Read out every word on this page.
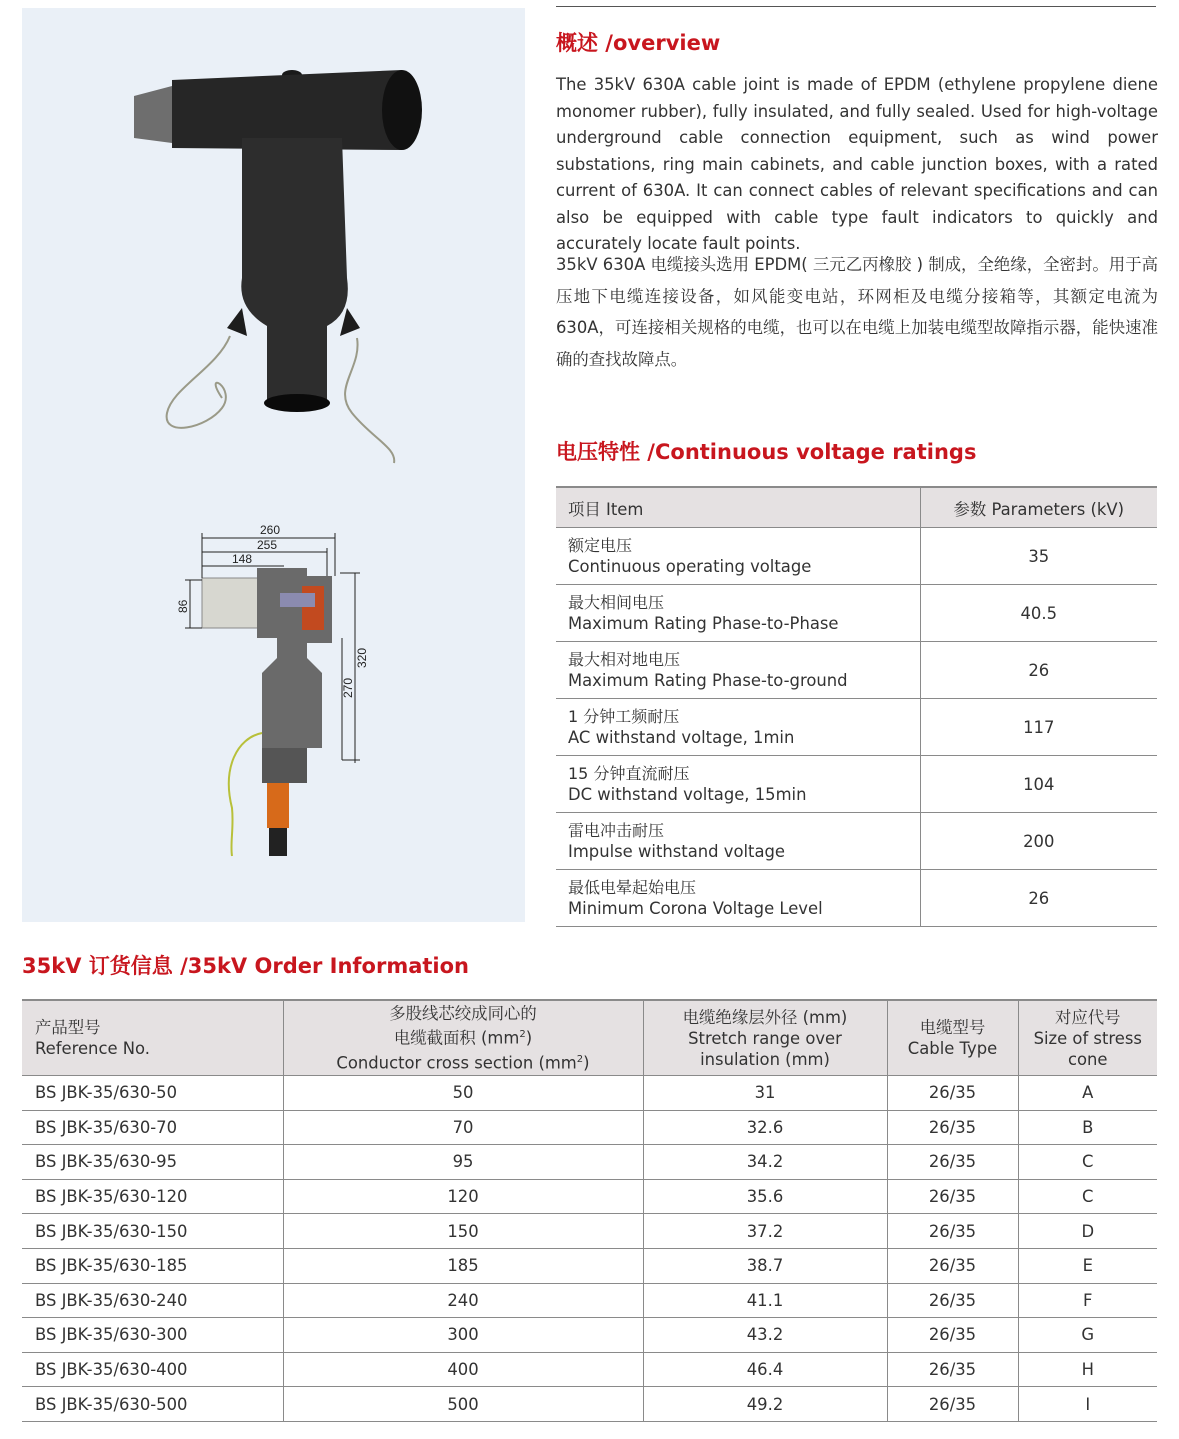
260
255
148
86
320
270
概述 /overview

The 35kV 630A cable joint is made of EPDM (ethylene propylene diene monomer rubber), fully insulated, and fully sealed. Used for high-voltage underground cable connection equipment, such as wind power substations, ring main cabinets, and cable junction boxes, with a rated current of 630A. It can connect cables of relevant specifications and can also be equipped with cable type fault indicators to quickly and accurately locate fault points.

35kV 630A 电缆接头选用 EPDM( 三元乙丙橡胶 ) 制成，全绝缘，全密封。用于高压地下电缆连接设备，如风能变电站，环网柜及电缆分接箱等，其额定电流为 630A，可连接相关规格的电缆，也可以在电缆上加装电缆型故障指示器，能快速准确的查找故障点。

电压特性 /Continuous voltage ratings
项目 Item	参数 Parameters (kV)

额定电压
Continuous operating voltage	35

最大相间电压
Maximum Rating Phase-to-Phase	40.5

最大相对地电压
Maximum Rating Phase-to-ground	26

1 分钟工频耐压
AC withstand voltage, 1min	117

15 分钟直流耐压
DC withstand voltage, 15min	104

雷电冲击耐压
Impulse withstand voltage	200

最低电晕起始电压
Minimum Corona Voltage Level	26
35kV 订货信息 /35kV Order Information
产品型号
Reference No.	多股线芯绞成同心的
电缆截面积 $(mm^2)$
Conductor cross section $(mm^2)$	电缆绝缘层外径 (mm)
Stretch range over
insulation (mm)	电缆型号
Cable Type	对应代号
Size of stress
cone

BS JBK-35/630-50	50	31	26/35	A
BS JBK-35/630-70	70	32.6	26/35	B
BS JBK-35/630-95	95	34.2	26/35	C
BS JBK-35/630-120	120	35.6	26/35	C
BS JBK-35/630-150	150	37.2	26/35	D
BS JBK-35/630-185	185	38.7	26/35	E
BS JBK-35/630-240	240	41.1	26/35	F
BS JBK-35/630-300	300	43.2	26/35	G
BS JBK-35/630-400	400	46.4	26/35	H
BS JBK-35/630-500	500	49.2	26/35	I
